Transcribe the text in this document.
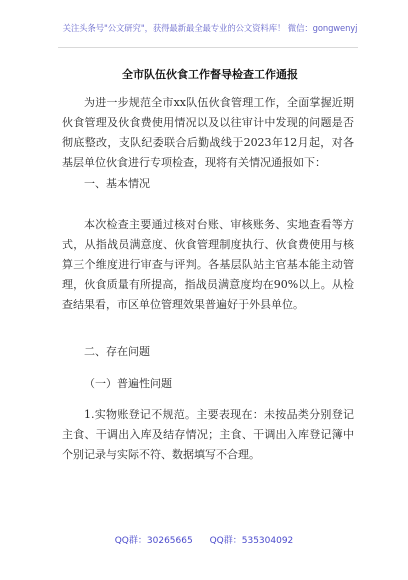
关注头条号"公文研究"，获得最新最全最专业的公文资料库！ 微信：gongwenyj
全市队伍伙食工作督导检查工作通报
为进一步规范全市xx队伍伙食管理工作，全面掌握近期伙食管理及伙食费使用情况以及以往审计中发现的问题是否彻底整改，支队纪委联合后勤战线于2023年12月起，对各基层单位伙食进行专项检查，现将有关情况通报如下：
一、基本情况
本次检查主要通过核对台账、审核账务、实地查看等方式，从指战员满意度、伙食管理制度执行、伙食费使用与核算三个维度进行审查与评判。各基层队站主官基本能主动管理，伙食质量有所提高，指战员满意度均在90%以上。从检查结果看，市区单位管理效果普遍好于外县单位。
二、存在问题
（一）普遍性问题
1.实物账登记不规范。主要表现在：未按品类分别登记主食、干调出入库及结存情况；主食、干调出入库登记簿中个别记录与实际不符、数据填写不合理。
QQ群：30265665 QQ群：535304092
